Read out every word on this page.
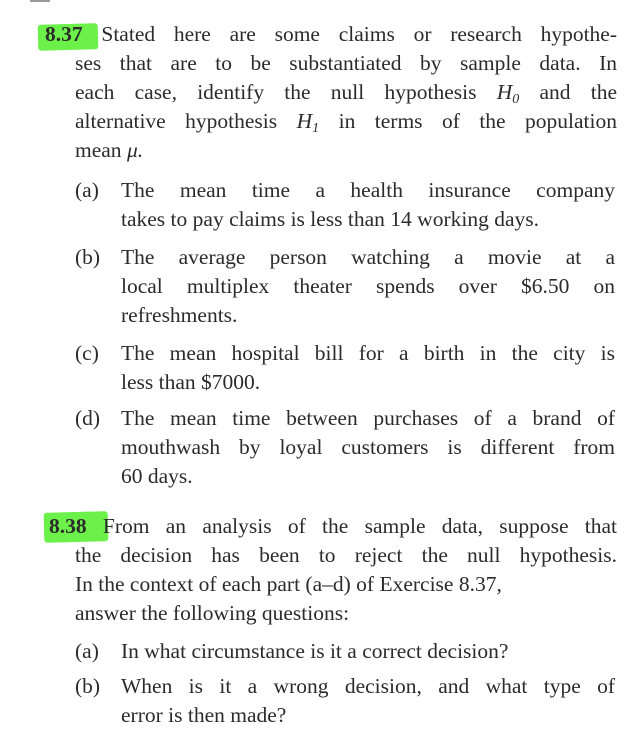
8.37 Stated here are some claims or research hypothe-
ses that are to be substantiated by sample data. In
each case, identify the null hypothesis $H_0$ and the
alternative hypothesis $H_1$ in terms of the population
mean μ.
(a) The mean time a health insurance company
takes to pay claims is less than 14 working days.
(b) The average person watching a movie at a
local multiplex theater spends over $6.50 on
refreshments.
(c) The mean hospital bill for a birth in the city is
less than $7000.
(d) The mean time between purchases of a brand of
mouthwash by loyal customers is different from
60 days.
8.38 From an analysis of the sample data, suppose that
the decision has been to reject the null hypothesis.
In the context of each part (a–d) of Exercise 8.37,
answer the following questions:
(a) In what circumstance is it a correct decision?
(b) When is it a wrong decision, and what type of
error is then made?
